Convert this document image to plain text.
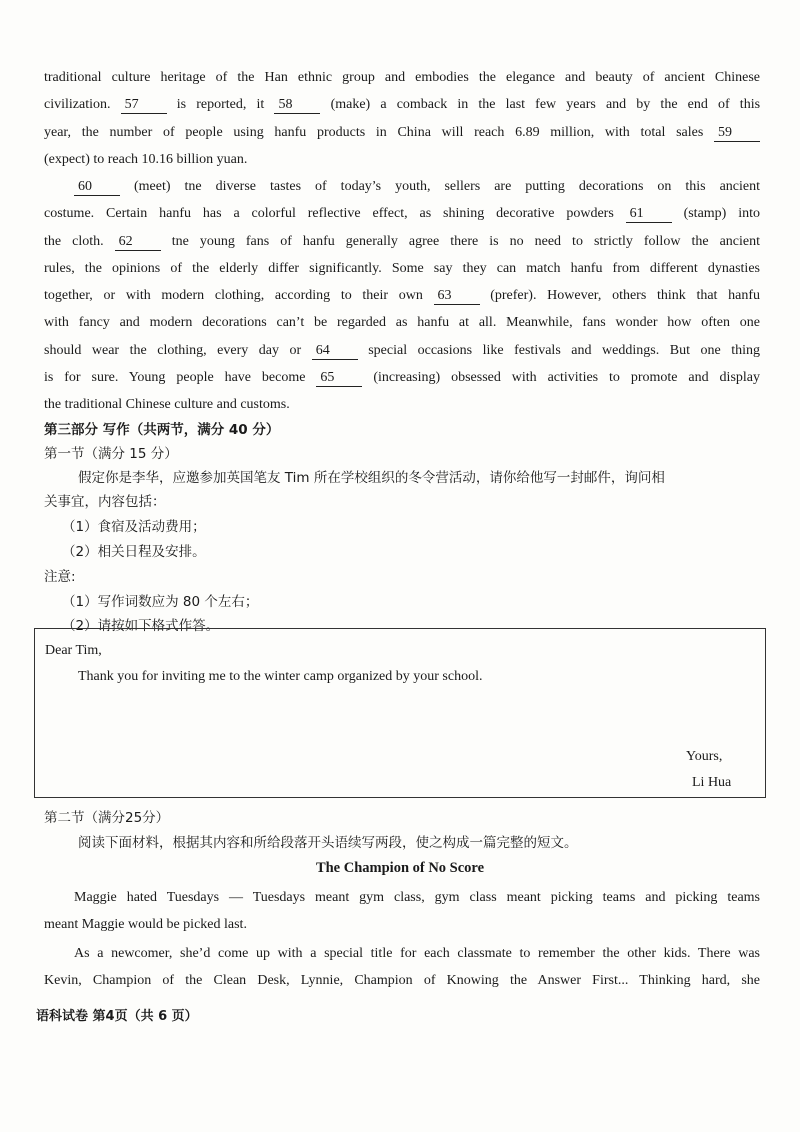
traditional culture heritage of the Han ethnic group and embodies the elegance and beauty of ancient Chinese
civilization. 57	is reported, it 58	(make) a comback in the last few years and by the end of this
year, the number of people using hanfu products in China will reach 6.89 million, with total sales 59
(expect) to reach 10.16 billion yuan.
60	(meet) tne diverse tastes of today’s youth, sellers are putting decorations on this ancient
costume. Certain hanfu has a colorful reflective effect, as shining decorative powders 61	(stamp) into
the cloth. 62	tne young fans of hanfu generally agree there is no need to strictly follow the ancient
rules, the opinions of the elderly differ significantly. Some say they can match hanfu from different dynasties
together, or with modern clothing, according to their own 63	(prefer). However, others think that hanfu
with fancy and modern decorations can’t be regarded as hanfu at all. Meanwhile, fans wonder how often one
should wear the clothing, every day or 64	special occasions like festivals and weddings. But one thing
is for sure. Young people have become 65	(increasing) obsessed with activities to promote and display
the traditional Chinese culture and customs.
第三部分 写作（共两节，满分 40 分）
第一节（满分 15 分）
假定你是李华，应邀参加英国笔友 Tim 所在学校组织的冬令营活动，请你给他写一封邮件，询问相
关事宜，内容包括：
（1）食宿及活动费用；
（2）相关日程及安排。
注意:
（1）写作词数应为 80 个左右；
（2）请按如下格式作答。
Dear Tim,
Thank you for inviting me to the winter camp organized by your school.
Yours,
Li Hua
第二节（满分25分）
阅读下面材料，根据其内容和所给段落开头语续写两段，使之构成一篇完整的短文。
The Champion of No Score
Maggie hated Tuesdays — Tuesdays meant gym class, gym class meant picking teams and picking teams
meant Maggie would be picked last.
As a newcomer, she’d come up with a special title for each classmate to remember the other kids. There was
Kevin, Champion of the Clean Desk, Lynnie, Champion of Knowing the Answer First... Thinking hard, she
语科试卷 第4页（共 6 页）
